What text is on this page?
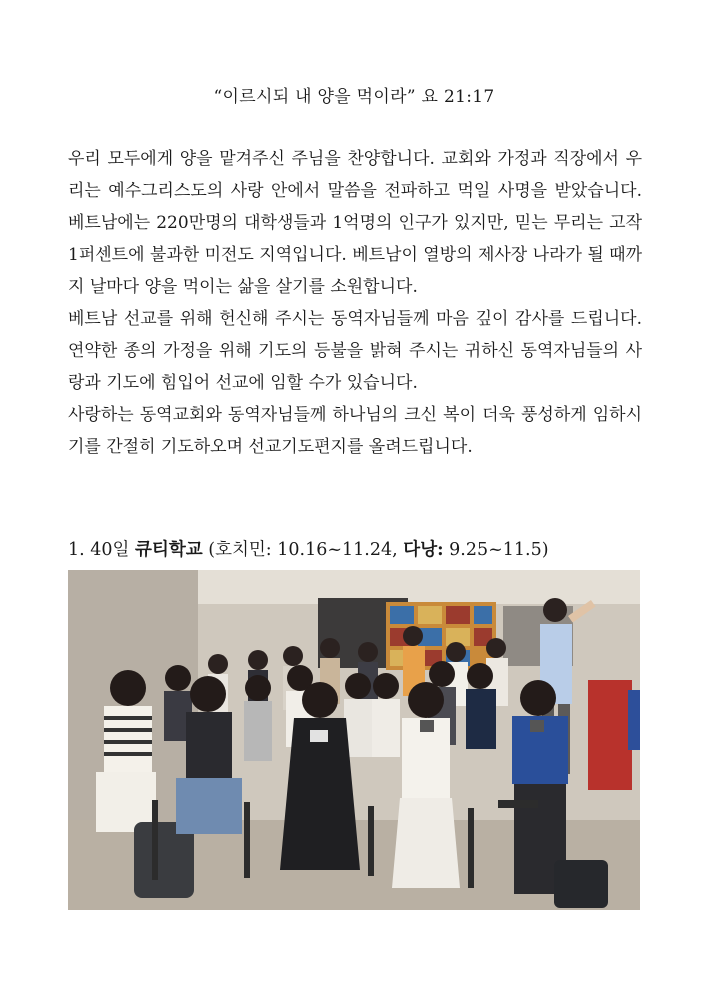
“이르시되 내 양을 먹이라” 요 21:17

우리 모두에게 양을 맡겨주신 주님을 찬양합니다. 교회와 가정과 직장에서 우리는 예수그리스도의 사랑 안에서 말씀을 전파하고 먹일 사명을 받았습니다. 베트남에는 220만명의 대학생들과 1억명의 인구가 있지만, 믿는 무리는 고작 1퍼센트에 불과한 미전도 지역입니다. 베트남이 열방의 제사장 나라가 될 때까지 날마다 양을 먹이는 삶을 살기를 소원합니다.

베트남 선교를 위해 헌신해 주시는 동역자님들께 마음 깊이 감사를 드립니다. 연약한 종의 가정을 위해 기도의 등불을 밝혀 주시는 귀하신 동역자님들의 사랑과 기도에 힘입어 선교에 임할 수가 있습니다.

사랑하는 동역교회와 동역자님들께 하나님의 크신 복이 더욱 풍성하게 임하시기를 간절히 기도하오며 선교기도편지를 올려드립니다.

1. 40일 큐티학교 (호치민: 10.16~11.24, 다낭: 9.25~11.5)
